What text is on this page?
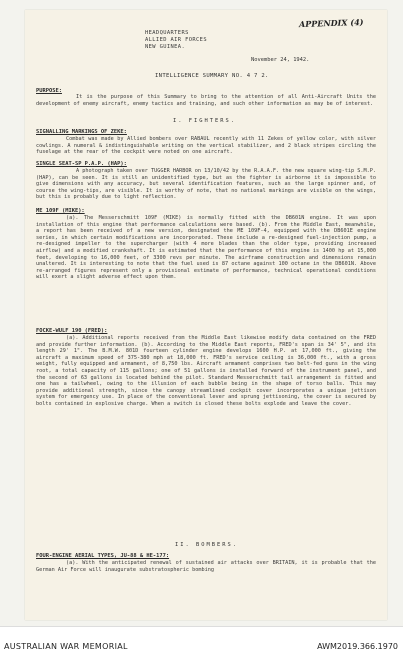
APPENDIX (4)
HEADQUARTERS
ALLIED AIR FORCES
NEW GUINEA.
November 24, 1942.
INTELLIGENCE SUMMARY NO. 4 7 2.
PURPOSE:
It is the purpose of this Summary to bring to the attention of all Anti-Aircraft Units the development of enemy aircraft, enemy tactics and training, and such other information as may be of interest.
I. FIGHTERS.
SIGNALLING MARKINGS OF ZEKE:
Combat was made by Allied bombers over RABAUL recently with 11 Zekes of yellow color, with silver cowlings. A numeral & indistinguishable writing on the vertical stabilizer, and 2 black stripes circling the fuselage at the rear of the cockpit were noted on one aircraft.
SINGLE SEAT-SP P.A.P. (HAP):
A photograph taken over TUGGER HARBOR on 13/10/42 by the R.A.A.F. the new square wing-tip S.M.P. (HAP), can be seen. It is still an unidentified type, but as the fighter is airborne it is impossible to give dimensions with any accuracy, but several identification features, such as the large spinner and, of course the wing-tips, are visible. It is worthy of note, that no national markings are visible on the wings, but this is probably due to light reflection.
ME 109F (MIKE):
(a). The Messerschmitt 109F (MIKE) is normally fitted with the DB601N engine. It was upon installation of this engine that performance calculations were based. (b). From the Middle East, meanwhile, a report has been received of a new version, designated the ME 109F-4, equipped with the DB601E engine series, in which certain modifications are incorporated. These include a re-designed fuel-injection pump, a re-designed impeller to the supercharger (with 4 more blades than the older type, providing increased airflow) and a modified crankshaft. It is estimated that the performance of this engine is 1400 hp at 15,000 feet, developing to 16,000 feet, of 3300 revs per minute. The airframe construction and dimensions remain unaltered. It is interesting to note that the fuel used is 87 octane against 100 octane in the DB601N. Above re-arranged figures represent only a provisional estimate of performance, technical operational conditions will exert a slight adverse effect upon them.
FOCKE-WULF 190 (FRED):
(a). Additional reports received from the Middle East likewise modify data contained on the FRED and provide further information. (b). According to the Middle East reports, FRED's span is 34' 5", and its length 29' 1". The B.M.W. 801D fourteen cylinder engine develops 1600 H.P. at 17,000 ft., giving the aircraft a maximum speed of 375-380 mph at 18,000 ft. FRED's service ceiling is 36,000 ft., with a gross weight, fully equipped and armament, of 8,750 lbs. Aircraft armament comprises two belt-fed guns in the wing root, a total capacity of 115 gallons; one of 51 gallons is installed forward of the instrument panel, and the second of 63 gallons is located behind the pilot. Standard Messerschmitt tail arrangement is fitted and one has a tailwheel, owing to the illusion of each bubble being in the shape of torso balls. This may provide additional strength, since the canopy streamlined cockpit cover incorporates a unique jettison system for emergency use. In place of the conventional lever and sprung jettisoning, the cover is secured by bolts contained in explosive charge. When a switch is closed these bolts explode and leave the cover.
II. BOMBERS.
FOUR-ENGINE AERIAL TYPES, JU-88 & HE-177:
(a). With the anticipated renewal of sustained air attacks over BRITAIN, it is probable that the German Air Force will inaugurate substratospheric bombing
AUSTRALIAN WAR MEMORIAL	AWM2019.366.1970
